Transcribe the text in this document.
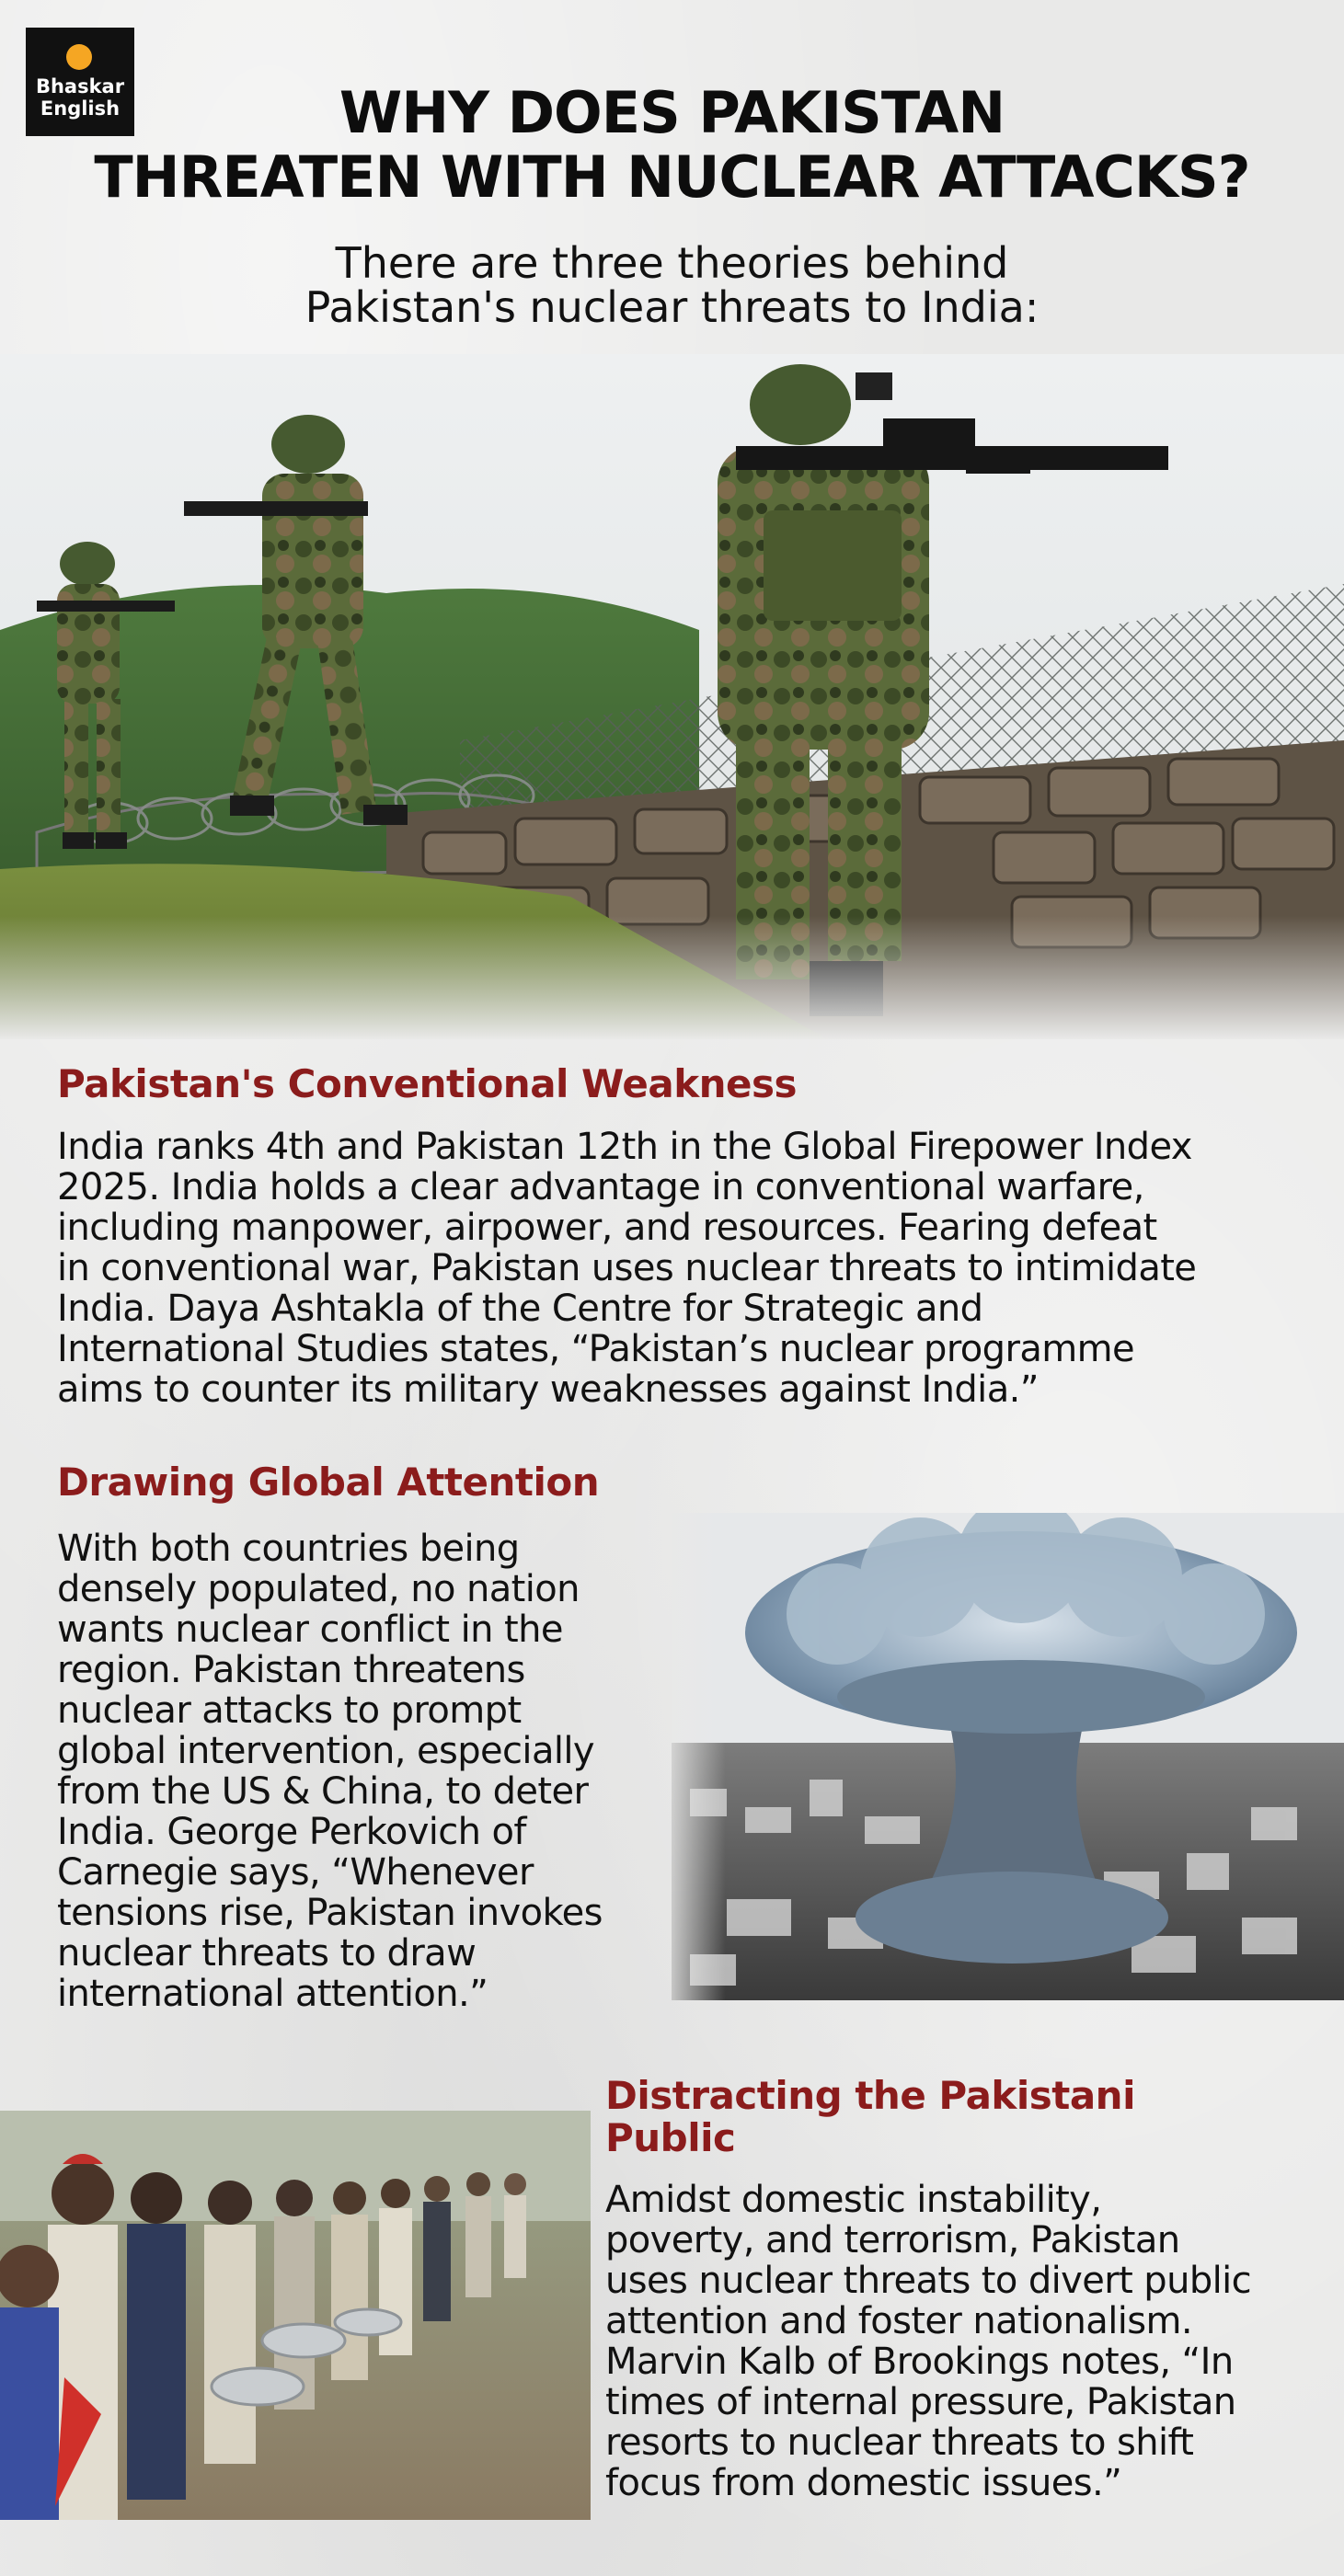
Bhaskar
English	WHY DOES PAKISTAN
THREATEN WITH NUCLEAR ATTACKS?
There are three theories behind
Pakistan's nuclear threats to India:
Pakistan's Conventional Weakness
India ranks 4th and Pakistan 12th in the Global Firepower Index
2025. India holds a clear advantage in conventional warfare,
including manpower, airpower, and resources. Fearing defeat
in conventional war, Pakistan uses nuclear threats to intimidate
India. Daya Ashtakla of the Centre for Strategic and
International Studies states, “Pakistan’s nuclear programme
aims to counter its military weaknesses against India.”
Drawing Global Attention
With both countries being
densely populated, no nation
wants nuclear conflict in the
region. Pakistan threatens
nuclear attacks to prompt
global intervention, especially
from the US & China, to deter
India. George Perkovich of
Carnegie says, “Whenever
tensions rise, Pakistan invokes
nuclear threats to draw
international attention.”
Distracting the Pakistani
Public
Amidst domestic instability,
poverty, and terrorism, Pakistan
uses nuclear threats to divert public
attention and foster nationalism.
Marvin Kalb of Brookings notes, “In
times of internal pressure, Pakistan
resorts to nuclear threats to shift
focus from domestic issues.”
